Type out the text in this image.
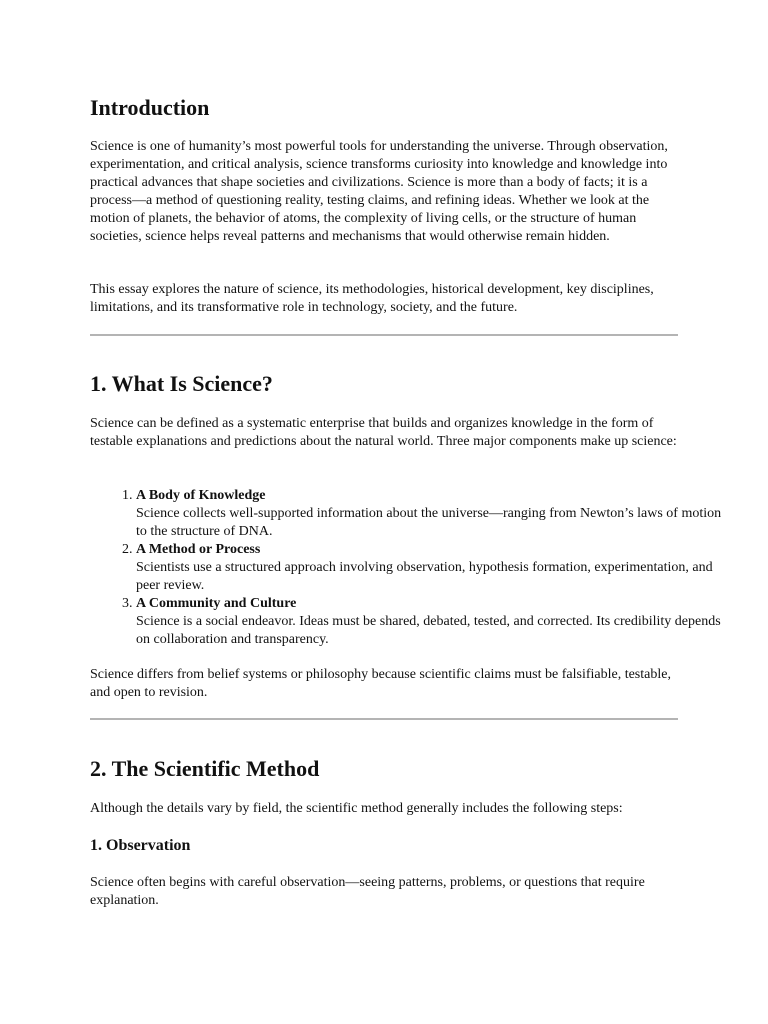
Introduction

Science is one of humanity’s most powerful tools for understanding the universe. Through observation, experimentation, and critical analysis, science transforms curiosity into knowledge and knowledge into practical advances that shape societies and civilizations. Science is more than a body of facts; it is a process—a method of questioning reality, testing claims, and refining ideas. Whether we look at the motion of planets, the behavior of atoms, the complexity of living cells, or the structure of human societies, science helps reveal patterns and mechanisms that would otherwise remain hidden.

This essay explores the nature of science, its methodologies, historical development, key disciplines, limitations, and its transformative role in technology, society, and the future.

1. What Is Science?

Science can be defined as a systematic enterprise that builds and organizes knowledge in the form of testable explanations and predictions about the natural world. Three major components make up science:

1. A Body of Knowledge
Science collects well-supported information about the universe—ranging from Newton’s laws of motion to the structure of DNA.
2. A Method or Process
Scientists use a structured approach involving observation, hypothesis formation, experimentation, and peer review.
3. A Community and Culture
Science is a social endeavor. Ideas must be shared, debated, tested, and corrected. Its credibility depends on collaboration and transparency.

Science differs from belief systems or philosophy because scientific claims must be falsifiable, testable, and open to revision.

2. The Scientific Method

Although the details vary by field, the scientific method generally includes the following steps:

1. Observation

Science often begins with careful observation—seeing patterns, problems, or questions that require explanation.
